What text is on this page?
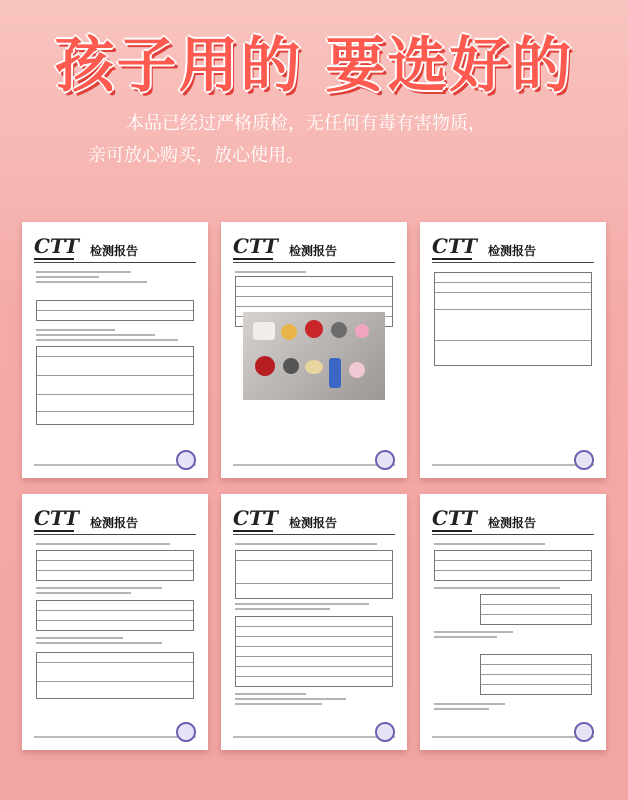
孩子用的 要选好的
本品已经过严格质检，无任何有毒有害物质，
亲可放心购买，放心使用。
CTT 检测报告	CTT 检测报告	CTT 检测报告
CTT 检测报告	CTT 检测报告	CTT 检测报告
